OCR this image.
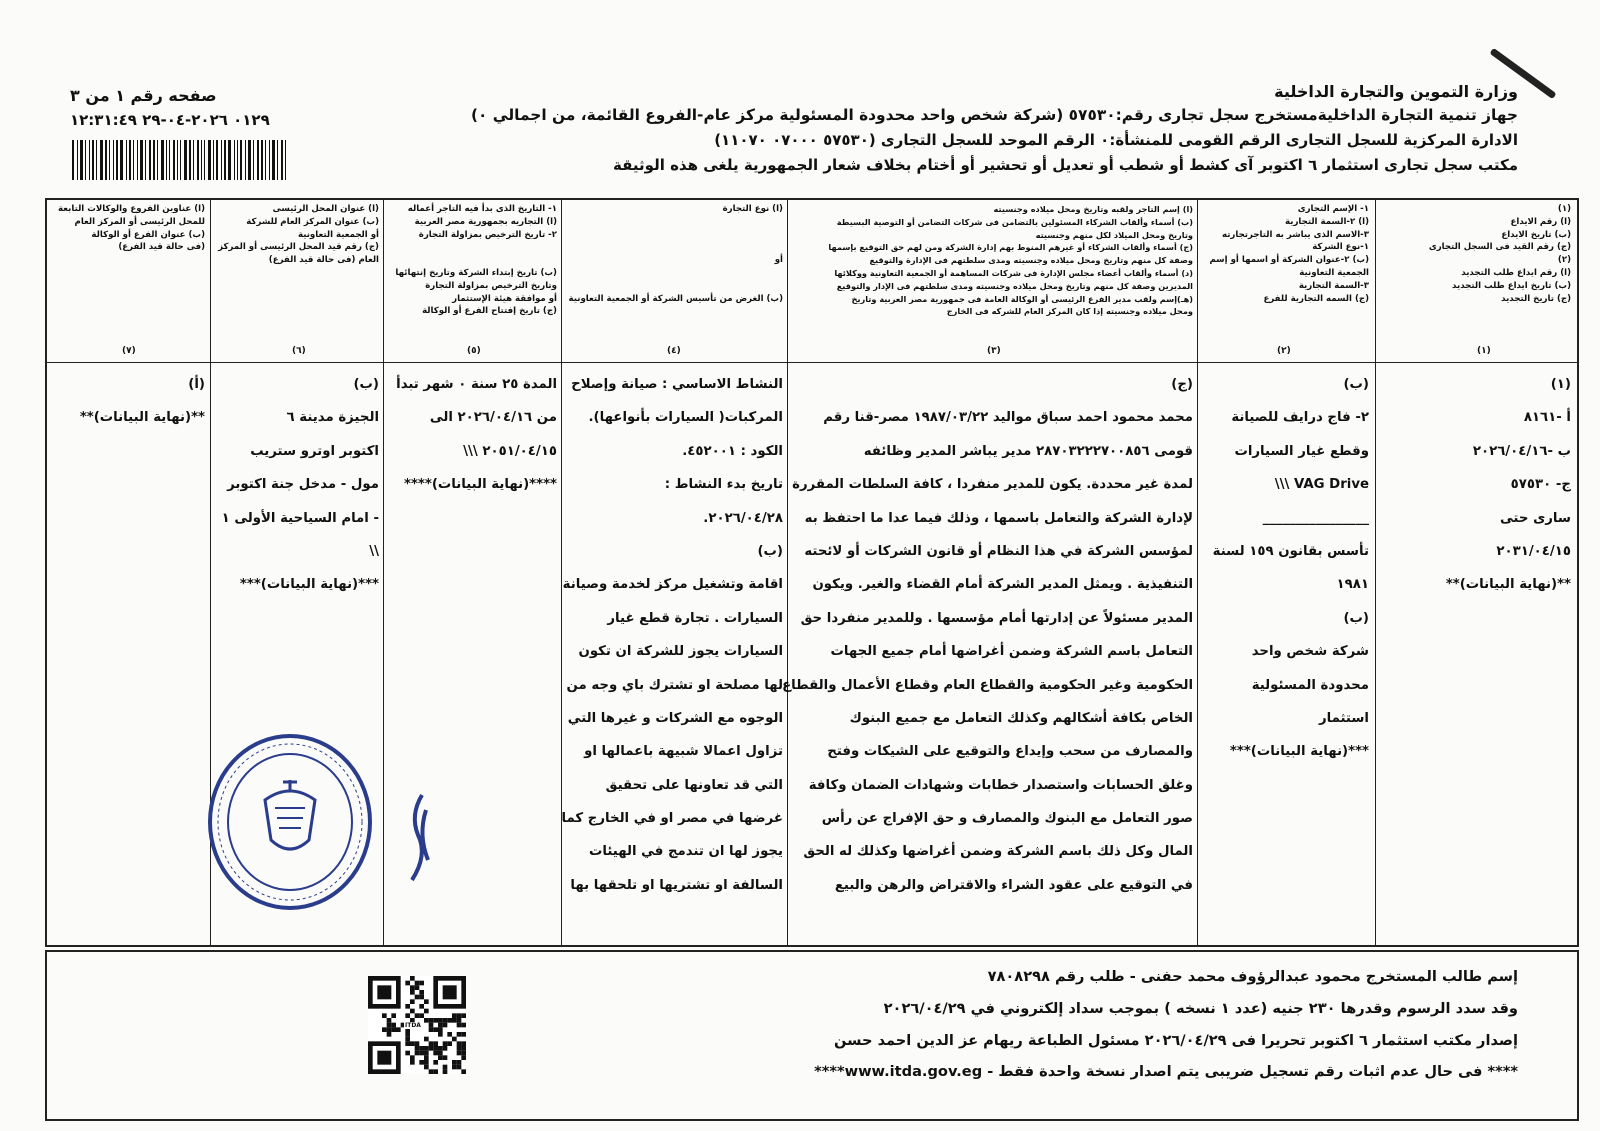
وزارة التموين والتجارة الداخلية
جهاز تنمية التجارة الداخليةمستخرج سجل تجارى رقم:٥٧٥٣٠ (شركة شخص واحد محدودة المسئولية مركز عام-الفروع القائمة، من اجمالي ٠)
الادارة المركزية للسجل التجارى الرقم القومى للمنشأة:٠ الرقم الموحد للسجل التجارى (٥٧٥٣٠ ٠٧٠٠٠ ١١٠٧٠)
مكتب سجل تجارى استثمار ٦ اكتوبر آى كشط أو شطب أو تعديل أو تحشير أو أختام بخلاف شعار الجمهورية يلغى هذه الوثيقة
صفحه رقم ١ من ٣
٠١٢٩ ٢٠٢٦-٠٤-٢٩ ١٢:٣١:٤٩
(١)
(ا) رقم الايداع
(ب) تاريخ الايداع
(ج) رقم القيد فى السجل التجارى
(٢)
(ا) رقم ايداع طلب التجديد
(ب) تاريخ ايداع طلب التجديد
(ج) تاريخ التجديد
١- الإسم التجارى
(ا) ٢-السمة التجارية
٣-الاسم الذى يباشر به التاجرتجارته
١-نوع الشركة
(ب) ٢-عنوان الشركة أو اسمها أو إسم
الجمعية التعاونية
٣-السمة التجارية
(ج) السمه التجارية للفرع
(ا) إسم التاجر ولقبه وتاريخ ومحل ميلاده وجنسيته
(ب) أسماء وألقاب الشركاء المسئولين بالتضامن فى شركات التضامن أو التوصية البسيطة
وتاريخ ومحل الميلاد لكل منهم وجنسيته
(ج) أسماء وألقاب الشركاء أو غيرهم المنوط بهم إدارة الشركة ومن لهم حق التوقيع بإسمها
وصفة كل منهم وتاريخ ومحل ميلاده وجنسيته ومدى سلطتهم فى الإدارة والتوقيع
(د) أسماء وألقاب أعضاء مجلس الإدارة فى شركات المساهمة أو الجمعية التعاونية ووكلائها
المديرين وصفة كل منهم وتاريخ ومحل ميلاده وجنسيته ومدى سلطتهم فى الإدار والتوقيع
(هـ)إسم ولقب مدير الفرع الرئيسى أو الوكالة العامة فى جمهورية مصر العربية وتاريخ
ومحل ميلاده وجنسيته إذا كان المركز العام للشركه فى الخارج
(ا) نوع التجارة

أو

(ب) الغرض من تأسيس الشركة أو الجمعية التعاونية
١- التاريخ الذى بدأ فيه التاجر أعماله
(ا) التجاريه بجمهورية مصر العربية
٢- تاريخ الترخيص بمزاولة التجارة

(ب) تاريخ إبتداء الشركة وتاريخ إنتهائها
وتاريخ الترخيص بمزاولة التجارة
أو موافقة هيئة الإستثمار
(ج) تاريخ إفتتاح الفرع أو الوكالة
(ا) عنوان المحل الرئيسى
(ب) عنوان المركز العام للشركة
أو الجمعية التعاونية
(ج) رقم قيد المحل الرئيسى أو المركز
العام (فى حالة قيد الفرع)
(ا) عناوين الفروع والوكالات التابعة
للمحل الرئيسى أو المركز العام
(ب) عنوان الفرع أو الوكالة
(فى حالة قيد الفرع)
(١)
(٢)
(٣)
(٤)
(٥)
(٦)
(٧)
(١)
أ -٨١٦١
ب -٢٠٢٦/٠٤/١٦
ج- ٥٧٥٣٠
سارى حتى
٢٠٣١/٠٤/١٥
**(نهاية البيانات)**
(ب)
٢- فاج درايف للصيانة
وقطع غيار السيارات
VAG Drive \\\
________________
تأسس بقانون ١٥٩ لسنة
١٩٨١
(ب)
شركة شخص واحد
محدودة المسئولية
استثمار
***(نهاية البيانات)***
(ج)
محمد محمود احمد سباق مواليد ١٩٨٧/٠٣/٢٢ مصر-قنا رقم
قومى ٢٨٧٠٣٢٢٢٧٠٠٨٥٦ مدير يباشر المدير وظائفه
لمدة غير محددة. يكون للمدير منفردا ، كافة السلطات المقررة
لإدارة الشركة والتعامل باسمها ، وذلك فيما عدا ما احتفظ به
لمؤسس الشركة في هذا النظام أو قانون الشركات أو لائحته
التنفيذية . ويمثل المدير الشركة أمام القضاء والغير. ويكون
المدير مسئولاً عن إدارتها أمام مؤسسها . وللمدير منفردا حق
التعامل باسم الشركة وضمن أغراضها أمام جميع الجهات
الحكومية وغير الحكومية والقطاع العام وقطاع الأعمال والقطاع
الخاص بكافة أشكالهم وكذلك التعامل مع جميع البنوك
والمصارف من سحب وإيداع والتوقيع على الشيكات وفتح
وغلق الحسابات واستصدار خطابات وشهادات الضمان وكافة
صور التعامل مع البنوك والمصارف و حق الإفراج عن رأس
المال وكل ذلك باسم الشركة وضمن أغراضها وكذلك له الحق
في التوقيع على عقود الشراء والاقتراض والرهن والبيع
النشاط الاساسي : صيانة وإصلاح
المركبات( السيارات بأنواعها).
الكود : ٤٥٢٠٠١.
تاريخ بدء النشاط :
٢٠٢٦/٠٤/٢٨.
(ب)
اقامة وتشغيل مركز لخدمة وصيانة
السيارات . تجارة قطع غيار
السيارات يجوز للشركة ان تكون
لها مصلحة او تشترك باي وجه من
الوجوه مع الشركات و غيرها التي
تزاول اعمالا شبيهة باعمالها او
التي قد تعاونها على تحقيق
غرضها في مصر او في الخارج كما
يجوز لها ان تندمج في الهيئات
السالفة او تشتريها او تلحقها بها
المدة ٢٥ سنة ٠ شهر تبدأ
من ٢٠٢٦/٠٤/١٦ الى
٢٠٥١/٠٤/١٥ \\\
****(نهاية البيانات)****
(ب)
الجيزة مدينة ٦
اكتوبر اوترو ستريب
مول - مدخل جنة اكتوبر
- امام السياحية الأولى ١
\\
***(نهاية البيانات)***
(أ)
**(نهاية البيانات)**
إسم طالب المستخرج محمود عبدالرؤوف محمد حفنى - طلب رقم ٧٨٠٨٢٩٨
وقد سدد الرسوم وقدرها ٢٣٠ جنيه (عدد ١ نسخه ) بموجب سداد إلكتروني في ٢٠٢٦/٠٤/٢٩
إصدار مكتب استثمار ٦ اكتوبر تحريرا فى ٢٠٢٦/٠٤/٢٩ مسئول الطباعة ريهام عز الدين احمد حسن
**** فى حال عدم اثبات رقم تسجيل ضريبى يتم اصدار نسخة واحدة فقط - www.itda.gov.eg****
ITDA
